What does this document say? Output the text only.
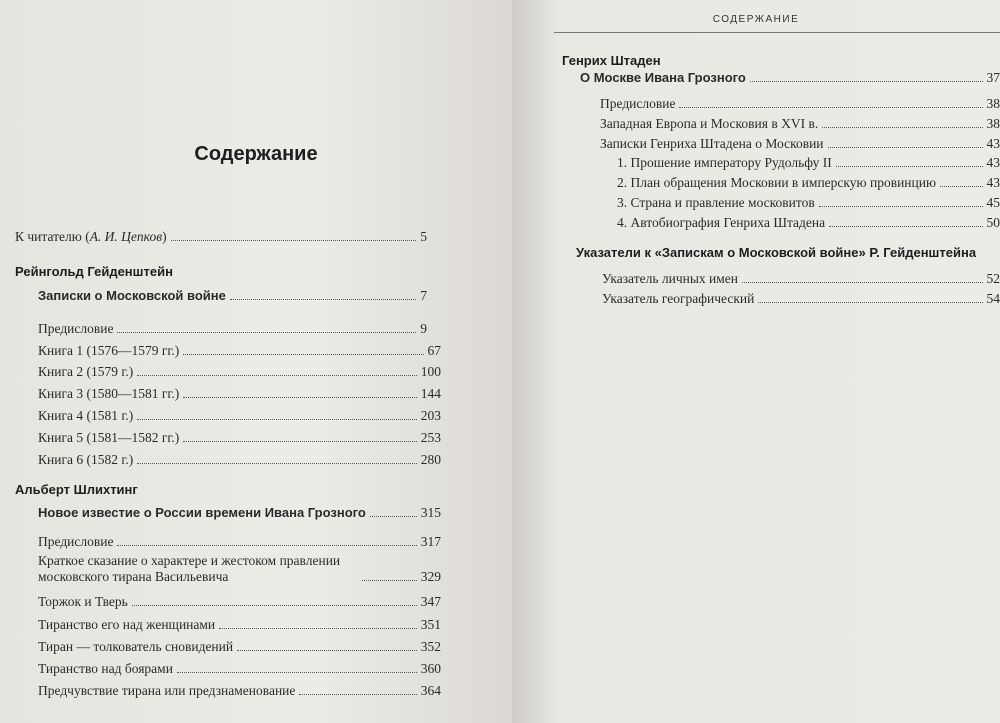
Содержание
К читателю (А. И. Цепков)	5
Рейнгольд Гейденштейн
Записки о Московской войне	7
Предисловие	9
Книга 1 (1576—1579 гг.)	67
Книга 2 (1579 г.)	100
Книга 3 (1580—1581 гг.)	144
Книга 4 (1581 г.)	203
Книга 5 (1581—1582 гг.)	253
Книга 6 (1582 г.)	280
Альберт Шлихтинг
Новое известие о России времени Ивана Грозного	315
Предисловие	317
Краткое сказание о характере и жестоком правлении московского тирана Васильевича	329
Торжок и Тверь	347
Тиранство его над женщинами	351
Тиран — толкователь сновидений	352
Тиранство над боярами	360
Предчувствие тирана или предзнаменование	364
СОДЕРЖАНИЕ
Генрих Штаден
О Москве Ивана Грозного	37
Предисловие	38
Западная Европа и Московия в XVI в.	38
Записки Генриха Штадена о Московии	43
1. Прошение императору Рудольфу II	43
2. План обращения Московии в имперскую провинцию	43
3. Страна и правление московитов	45
4. Автобиография Генриха Штадена	50
Указатели к «Запискам о Московской войне» Р. Гейденштейна
Указатель личных имен	52
Указатель географический	54
